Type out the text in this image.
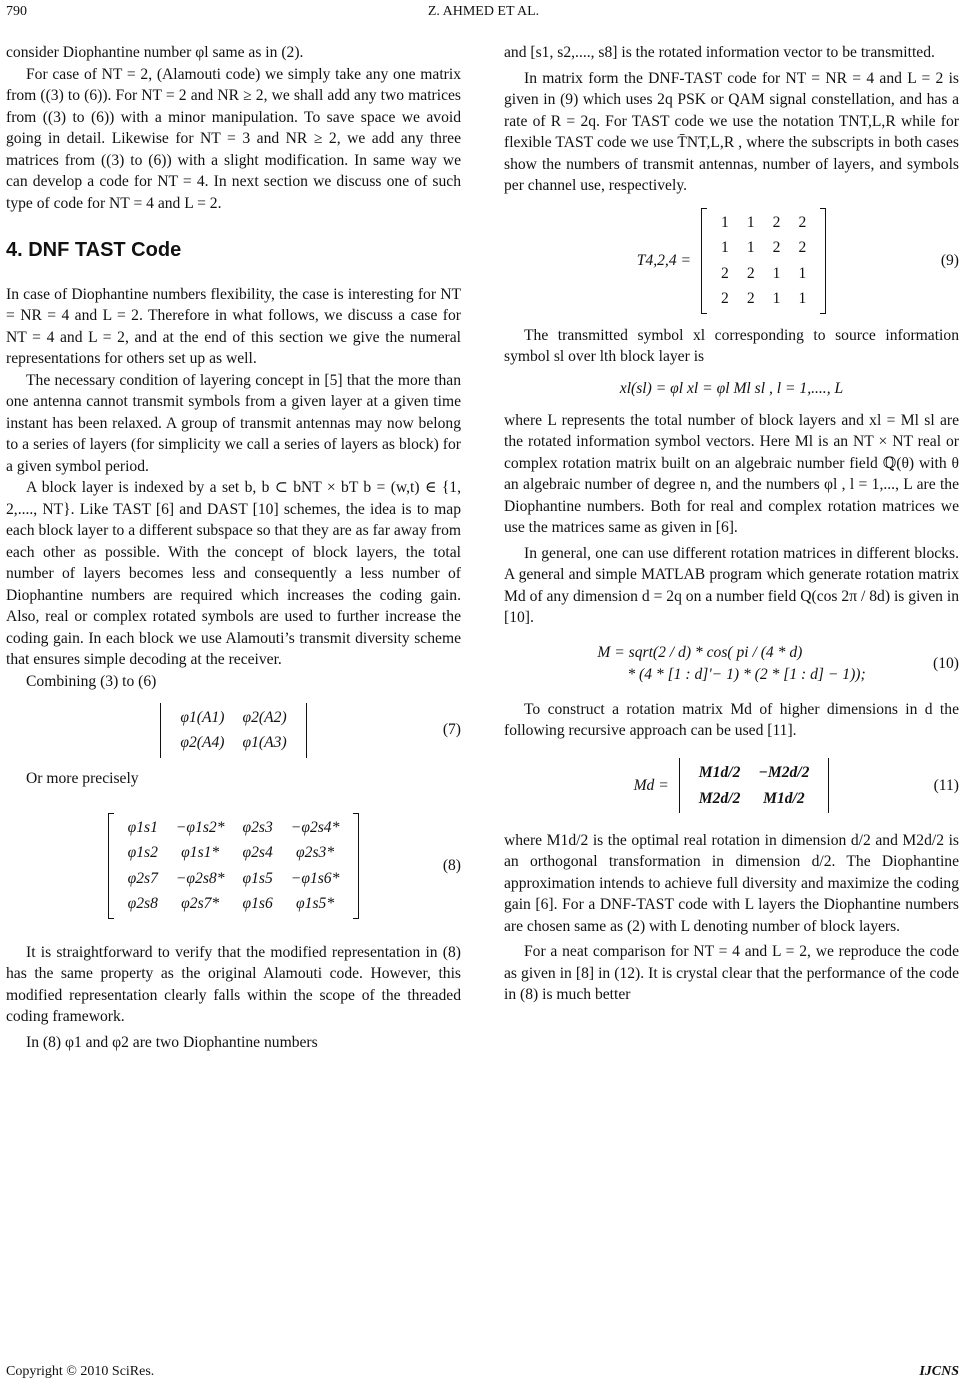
790	Z. AHMED ET AL.

consider Diophantine number φl same as in (2).

For case of NT = 2, (Alamouti code) we simply take any one matrix from ((3) to (6)). For NT = 2 and NR ≥ 2, we shall add any two matrices from ((3) to (6)) with a minor manipulation. To save space we avoid going in detail. Likewise for NT = 3 and NR ≥ 2, we add any three matrices from ((3) to (6)) with a slight modification. In same way we can develop a code for NT = 4. In next section we discuss one of such type of code for NT = 4 and L = 2.

4. DNF TAST Code

In case of Diophantine numbers flexibility, the case is interesting for NT = NR = 4 and L = 2. Therefore in what follows, we discuss a case for NT = 4 and L = 2, and at the end of this section we give the numeral representations for others set up as well.

The necessary condition of layering concept in [5] that the more than one antenna cannot transmit symbols from a given layer at a given time instant has been relaxed. A group of transmit antennas may now belong to a series of layers (for simplicity we call a series of layers as block) for a given symbol period.

A block layer is indexed by a set b, b ⊂ bNT × bT b = (w,t) ∈ {1, 2,...., NT}. Like TAST [6] and DAST [10] schemes, the idea is to map each block layer to a different subspace so that they are as far away from each other as possible. With the concept of block layers, the total number of layers becomes less and consequently a less number of Diophantine numbers are required which increases the coding gain. Also, real or complex rotated symbols are used to further increase the coding gain. In each block we use Alamouti’s transmit diversity scheme that ensures simple decoding at the receiver.

Combining (3) to (6)

φ1(A1)	φ2(A2)
φ2(A4)	φ1(A3)
(7)

Or more precisely

φ1s1	−φ1s2*	φ2s3	−φ2s4*
φ1s2	φ1s1*	φ2s4	φ2s3*
φ2s7	−φ2s8*	φ1s5	−φ1s6*
φ2s8	φ2s7*	φ1s6	φ1s5*
(8)

It is straightforward to verify that the modified representation in (8) has the same property as the original Alamouti code. However, this modified representation clearly falls within the scope of the threaded coding framework.

In (8) φ1 and φ2 are two Diophantine numbers

and [s1, s2,...., s8] is the rotated information vector to be transmitted.

In matrix form the DNF-TAST code for NT = NR = 4 and L = 2 is given in (9) which uses 2q PSK or QAM signal constellation, and has a rate of R = 2q. For TAST code we use the notation TNT,L,R while for flexible TAST code we use T̄NT,L,R , where the subscripts in both cases show the numbers of transmit antennas, number of layers, and symbols per channel use, respectively.

T4,2,4 =
1	1	2	2
1	1	2	2
2	2	1	1
2	2	1	1
(9)

The transmitted symbol xl corresponding to source information symbol sl over lth block layer is

xl(sl) = φl xl = φl Ml sl , l = 1,...., L

where L represents the total number of block layers and xl = Ml sl are the rotated information symbol vectors. Here Ml is an NT × NT real or complex rotation matrix built on an algebraic number field ℚ(θ) with θ an algebraic number of degree n, and the numbers φl , l = 1,..., L are the Diophantine numbers. Both for real and complex rotation matrices we use the matrices same as given in [6].

In general, one can use different rotation matrices in different blocks. A general and simple MATLAB program which generate rotation matrix Md of any dimension d = 2q on a number field Q(cos 2π / 8d) is given in [10].

M = sqrt(2 / d) * cos( pi / (4 * d)
* (4 * [1 : d]'− 1) * (2 * [1 : d] − 1));
(10)

To construct a rotation matrix Md of higher dimensions in d the following recursive approach can be used [11].

Md =
M1d/2	−M2d/2
M2d/2	M1d/2
(11)

where M1d/2 is the optimal real rotation in dimension d/2 and M2d/2 is an orthogonal transformation in dimension d/2. The Diophantine approximation intends to achieve full diversity and maximize the coding gain [6]. For a DNF-TAST code with L layers the Diophantine numbers are chosen same as (2) with L denoting number of block layers.

For a neat comparison for NT = 4 and L = 2, we reproduce the code as given in [8] in (12). It is crystal clear that the performance of the code in (8) is much better

Copyright © 2010 SciRes.	IJCNS
